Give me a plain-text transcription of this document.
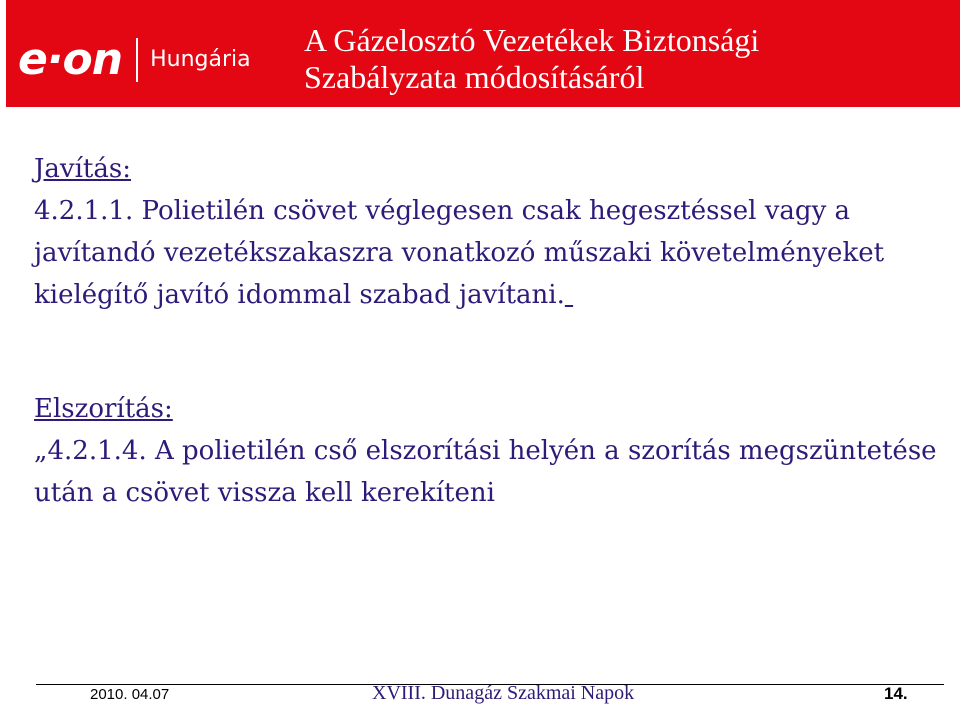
e·on Hungária
A Gázelosztó Vezetékek Biztonsági
Szabályzata módosításáról
Javítás:

4.2.1.1. Polietilén csövet véglegesen csak hegesztéssel vagy a javítandó vezetékszakaszra vonatkozó műszaki követelményeket kielégítő javító idommal szabad javítani.

Elszorítás:

„4.2.1.4. A polietilén cső elszorítási helyén a szorítás megszüntetése után a csövet vissza kell kerekíteni

2010. 04.07	XVIII. Dunagáz Szakmai Napok	14.
